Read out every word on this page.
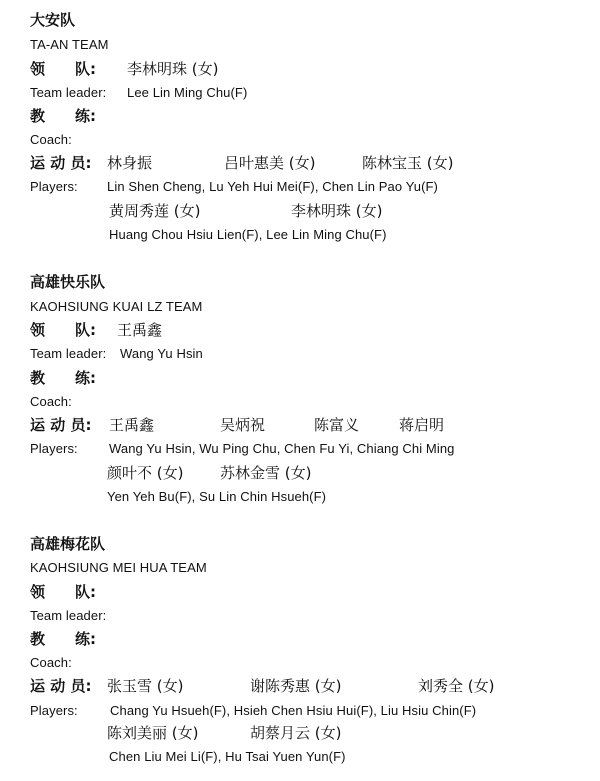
大安队
TA-AN TEAM
领　　队: 李林明珠 (女)
Team leader: Lee Lin Ming Chu(F)
教　　练:
Coach:
运 动 员: 林身振	吕叶惠美 (女)	陈林宝玉 (女)
Players: Lin Shen Cheng, Lu Yeh Hui Mei(F), Chen Lin Pao Yu(F)
黄周秀莲 (女)	李林明珠 (女)
Huang Chou Hsiu Lien(F), Lee Lin Ming Chu(F)
高雄快乐队
KAOHSIUNG KUAI LZ TEAM
领　　队: 王禹鑫
Team leader: Wang Yu Hsin
教　　练:
Coach:
运 动 员: 王禹鑫	吴炳祝	陈富义	蒋启明
Players: Wang Yu Hsin, Wu Ping Chu, Chen Fu Yi, Chiang Chi Ming
颜叶不 (女) 苏林金雪 (女)
Yen Yeh Bu(F), Su Lin Chin Hsueh(F)
高雄梅花队
KAOHSIUNG MEI HUA TEAM
领　　队:
Team leader:
教　　练:
Coach:
运 动 员: 张玉雪 (女)	谢陈秀惠 (女)	刘秀全 (女)
Players: Chang Yu Hsueh(F), Hsieh Chen Hsiu Hui(F), Liu Hsiu Chin(F)
陈刘美丽 (女)	胡蔡月云 (女)
Chen Liu Mei Li(F), Hu Tsai Yuen Yun(F)
